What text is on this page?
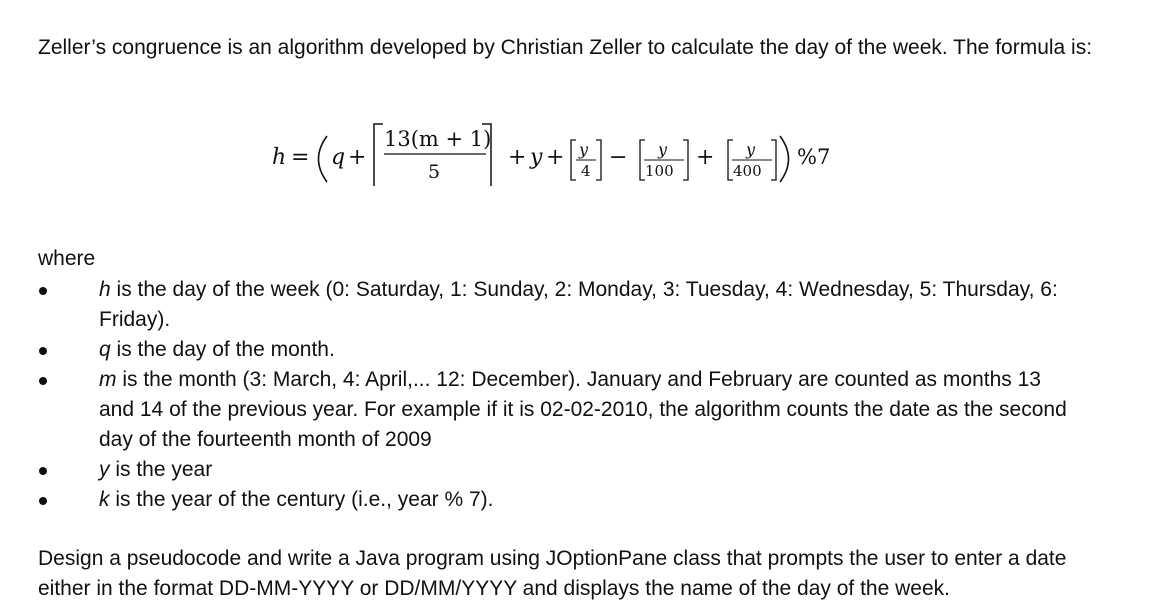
Zeller’s congruence is an algorithm developed by Christian Zeller to calculate the day of the week. The formula is:

h = q +
13(m + 1)
5
+ y + y
4
− y
100
+ y
400
%7

where

h is the day of the week (0: Saturday, 1: Sunday, 2: Monday, 3: Tuesday, 4: Wednesday, 5: Thursday, 6: Friday).
q is the day of the month.
m is the month (3: March, 4: April,... 12: December). January and February are counted as months 13 and 14 of the previous year. For example if it is 02-02-2010, the algorithm counts the date as the second day of the fourteenth month of 2009
y is the year
k is the year of the century (i.e., year % 7).

Design a pseudocode and write a Java program using JOptionPane class that prompts the user to enter a date either in the format DD-MM-YYYY or DD/MM/YYYY and displays the name of the day of the week.
